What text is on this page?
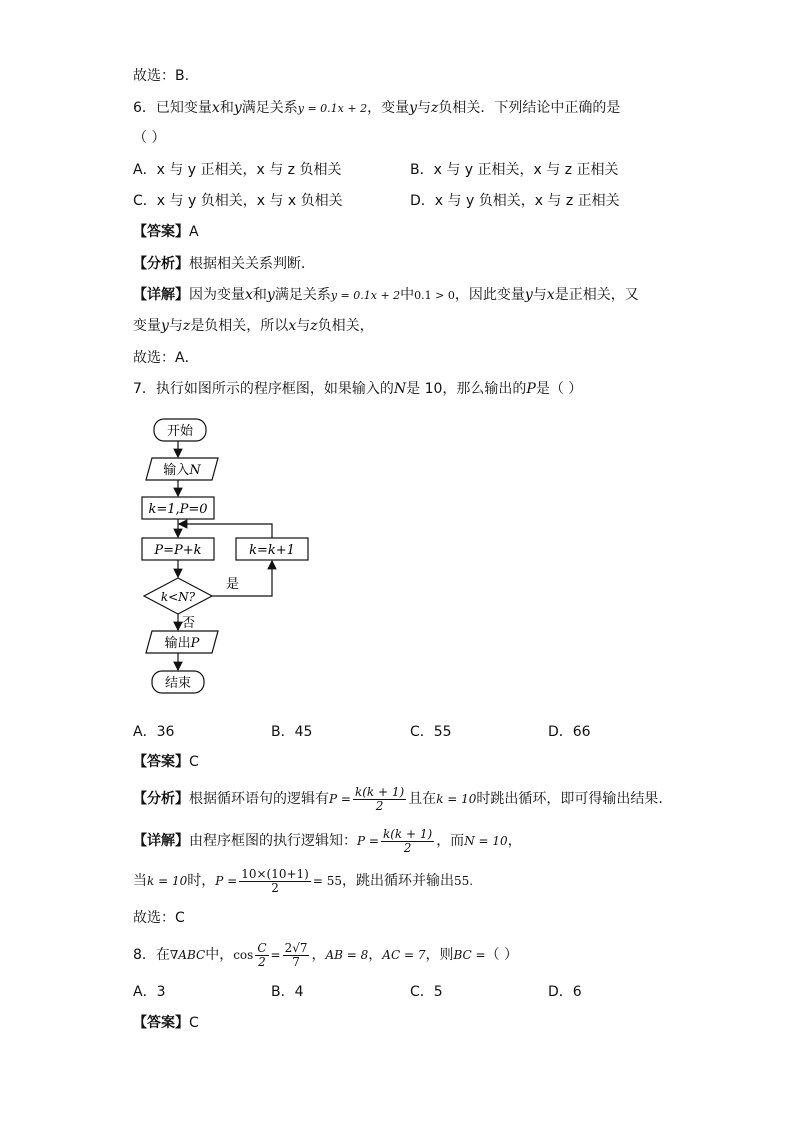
故选：B.
6．已知变量x和y满足关系y = 0.1x + 2，变量y与z负相关．下列结论中正确的是
（ ）
A．x 与 y 正相关，x 与 z 负相关	B．x 与 y 正相关，x 与 z 正相关
C．x 与 y 负相关，x 与 x 负相关	D．x 与 y 负相关，x 与 z 正相关
【答案】A
【分析】根据相关关系判断．
【详解】因为变量x和y满足关系y = 0.1x + 2中0.1 > 0，因此变量y与x是正相关，又
变量y与z是负相关，所以x与z负相关，
故选：A．
7．执行如图所示的程序框图，如果输入的N是 10，那么输出的P是（ ）
开始
输入N
k=1,P=0
P=P+k	k=k+1
k<N?
是
否
输出P
结束
A．36	B．45	C．55	D．66
【答案】C
【分析】根据循环语句的逻辑有$P = \frac{k(k + 1)}{2}$ 且在k = 10时跳出循环，即可得输出结果.
【详解】由程序框图的执行逻辑知：$P = \frac{k(k + 1)}{2}$ ，而N = 10，
当k = 10时，$P = \frac{10\times(10+1)}{2} = 55$，跳出循环并输出55.
故选：C
8．在∇ABC中，$\cos \frac{C}{2} = \frac{2√7}{7}$ ，AB = 8，AC = 7，则BC =（ ）
A．3	B．4	C．5	D．6
【答案】C
